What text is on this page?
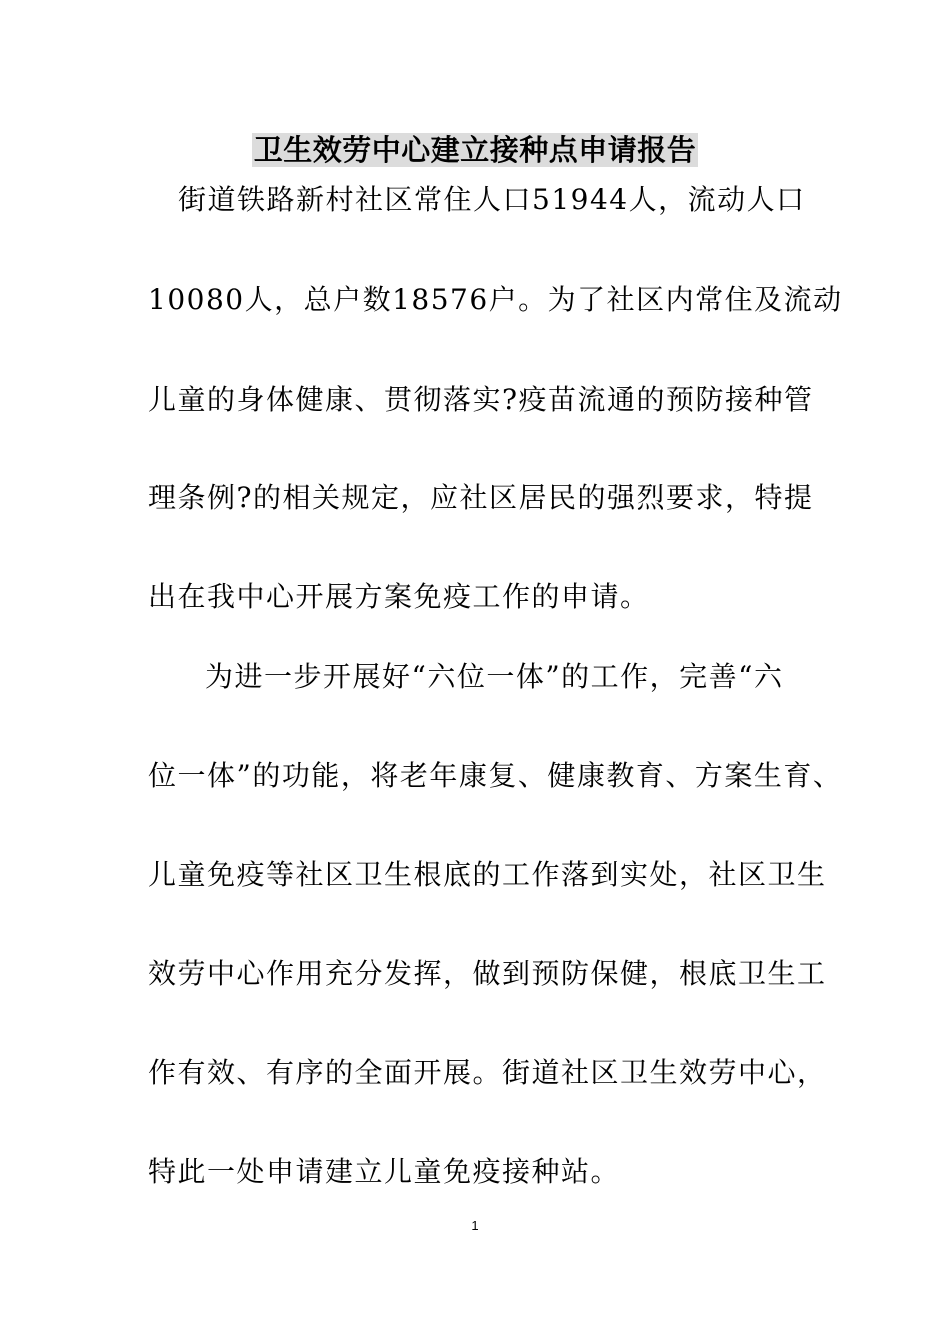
卫生效劳中心建立接种点申请报告
街道铁路新村社区常住人口51944人，流动人口
10080人，总户数18576户。为了社区内常住及流动
儿童的身体健康、贯彻落实?疫苗流通的预防接种管
理条例?的相关规定，应社区居民的强烈要求，特提
出在我中心开展方案免疫工作的申请。
为进一步开展好“六位一体”的工作，完善“六
位一体”的功能，将老年康复、健康教育、方案生育、
儿童免疫等社区卫生根底的工作落到实处，社区卫生
效劳中心作用充分发挥，做到预防保健，根底卫生工
作有效、有序的全面开展。街道社区卫生效劳中心，
特此一处申请建立儿童免疫接种站。
1
